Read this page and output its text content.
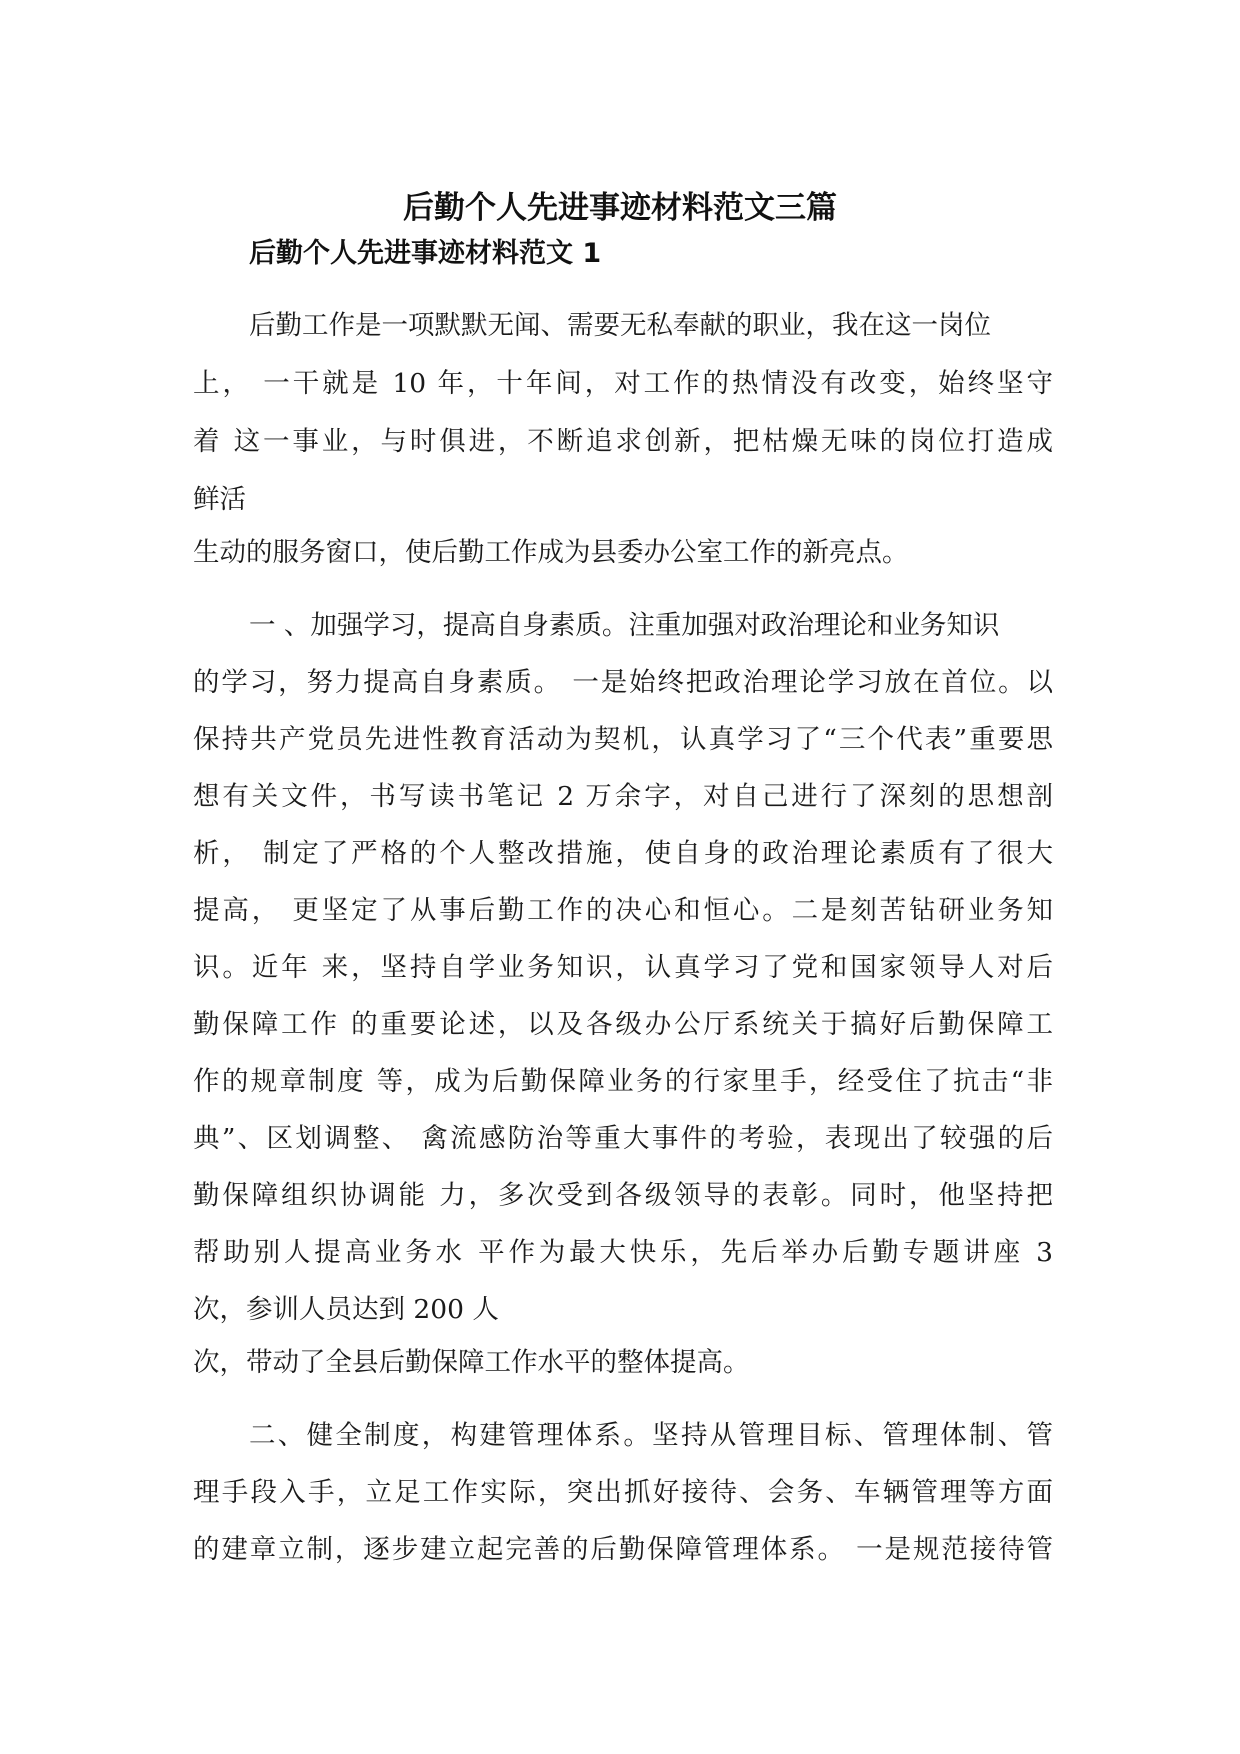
后勤个人先进事迹材料范文三篇
后勤个人先进事迹材料范文 1
后勤工作是一项默默无闻、需要无私奉献的职业，我在这一岗位
上， 一干就是 10 年，十年间，对工作的热情没有改变，始终坚守
着 这一事业，与时俱进，不断追求创新，把枯燥无味的岗位打造成
鲜活
生动的服务窗口，使后勤工作成为县委办公室工作的新亮点。
一 、加强学习，提高自身素质。注重加强对政治理论和业务知识
的学习，努力提高自身素质。 一是始终把政治理论学习放在首位。以
保持共产党员先进性教育活动为契机，认真学习了“三个代表”重要思
想有关文件，书写读书笔记 2 万余字，对自己进行了深刻的思想剖
析， 制定了严格的个人整改措施，使自身的政治理论素质有了很大
提高， 更坚定了从事后勤工作的决心和恒心。二是刻苦钻研业务知
识。近年 来，坚持自学业务知识，认真学习了党和国家领导人对后
勤保障工作 的重要论述，以及各级办公厅系统关于搞好后勤保障工
作的规章制度 等，成为后勤保障业务的行家里手，经受住了抗击“非
典”、区划调整、 禽流感防治等重大事件的考验，表现出了较强的后
勤保障组织协调能 力，多次受到各级领导的表彰。同时，他坚持把
帮助别人提高业务水 平作为最大快乐，先后举办后勤专题讲座 3
次，参训人员达到 200 人
次，带动了全县后勤保障工作水平的整体提高。
二、健全制度，构建管理体系。坚持从管理目标、管理体制、管
理手段入手，立足工作实际，突出抓好接待、会务、车辆管理等方面
的建章立制，逐步建立起完善的后勤保障管理体系。 一是规范接待管
